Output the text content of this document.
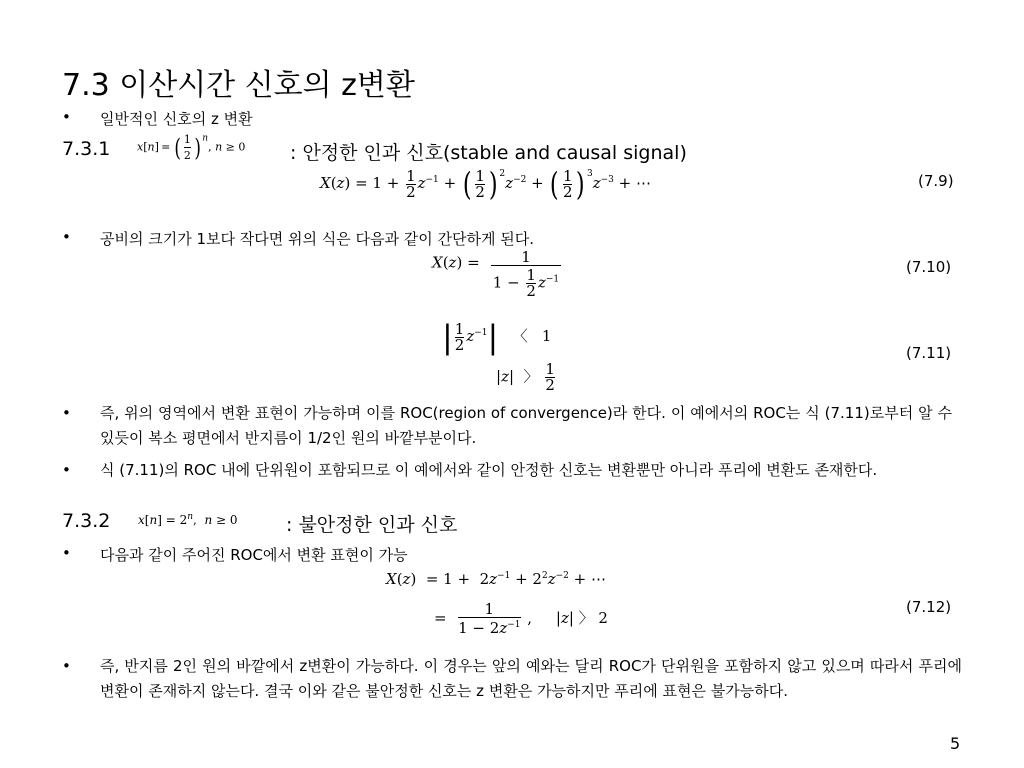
7.3 이산시간 신호의 z변환
• 일반적인 신호의 z 변환
7.3.1 x[n] = ( $\frac{1}{2} )^n$, n ≥ 0 : 안정한 인과 신호(stable and causal signal)
$X(z) = 1 + \frac{1}{2} z^{-1}$ + ( $\frac{1}{2}$ ) $^2z^{-2}$ + ( $\frac{1}{2}$ ) $^3z^{-3}$ + ⋯	(7.9)
• 공비의 크기가 1보다 작다면 위의 식은 다음과 같이 간단하게 된다.
$X(z) = \frac{1}{1 - \frac{1}{2} z^{-1}}$	(7.10)
| $\frac{1}{2} z^{-1}|$   〈   1
|z|  〉 $\frac{1}{2}$
(7.11)
• 즉, 위의 영역에서 변환 표현이 가능하며 이를 ROC(region of convergence)라 한다. 이 예에서의 ROC는 식 (7.11)로부터 알 수 있듯이 복소 평면에서 반지름이 1/2인 원의 바깥부분이다.
• 식 (7.11)의 ROC 내에 단위원이 포함되므로 이 예에서와 같이 안정한 신호는 변환뿐만 아니라 푸리에 변환도 존재한다.
7.3.2 $x[n] = 2^n$,  n ≥ 0	: 불안정한 인과 신호
• 다음과 같이 주어진 ROC에서 변환 표현이 가능
$X(z) = 1 + 2z^{-1} + 2^2z^{-2}$ + ⋯
= $\frac{1}{1 - 2z^{-1}}$ ,     |z| 〉 2
(7.12)
• 즉, 반지름 2인 원의 바깥에서 z변환이 가능하다. 이 경우는 앞의 예와는 달리 ROC가 단위원을 포함하지 않고 있으며 따라서 푸리에 변환이 존재하지 않는다. 결국 이와 같은 불안정한 신호는 z 변환은 가능하지만 푸리에 표현은 불가능하다.
5
